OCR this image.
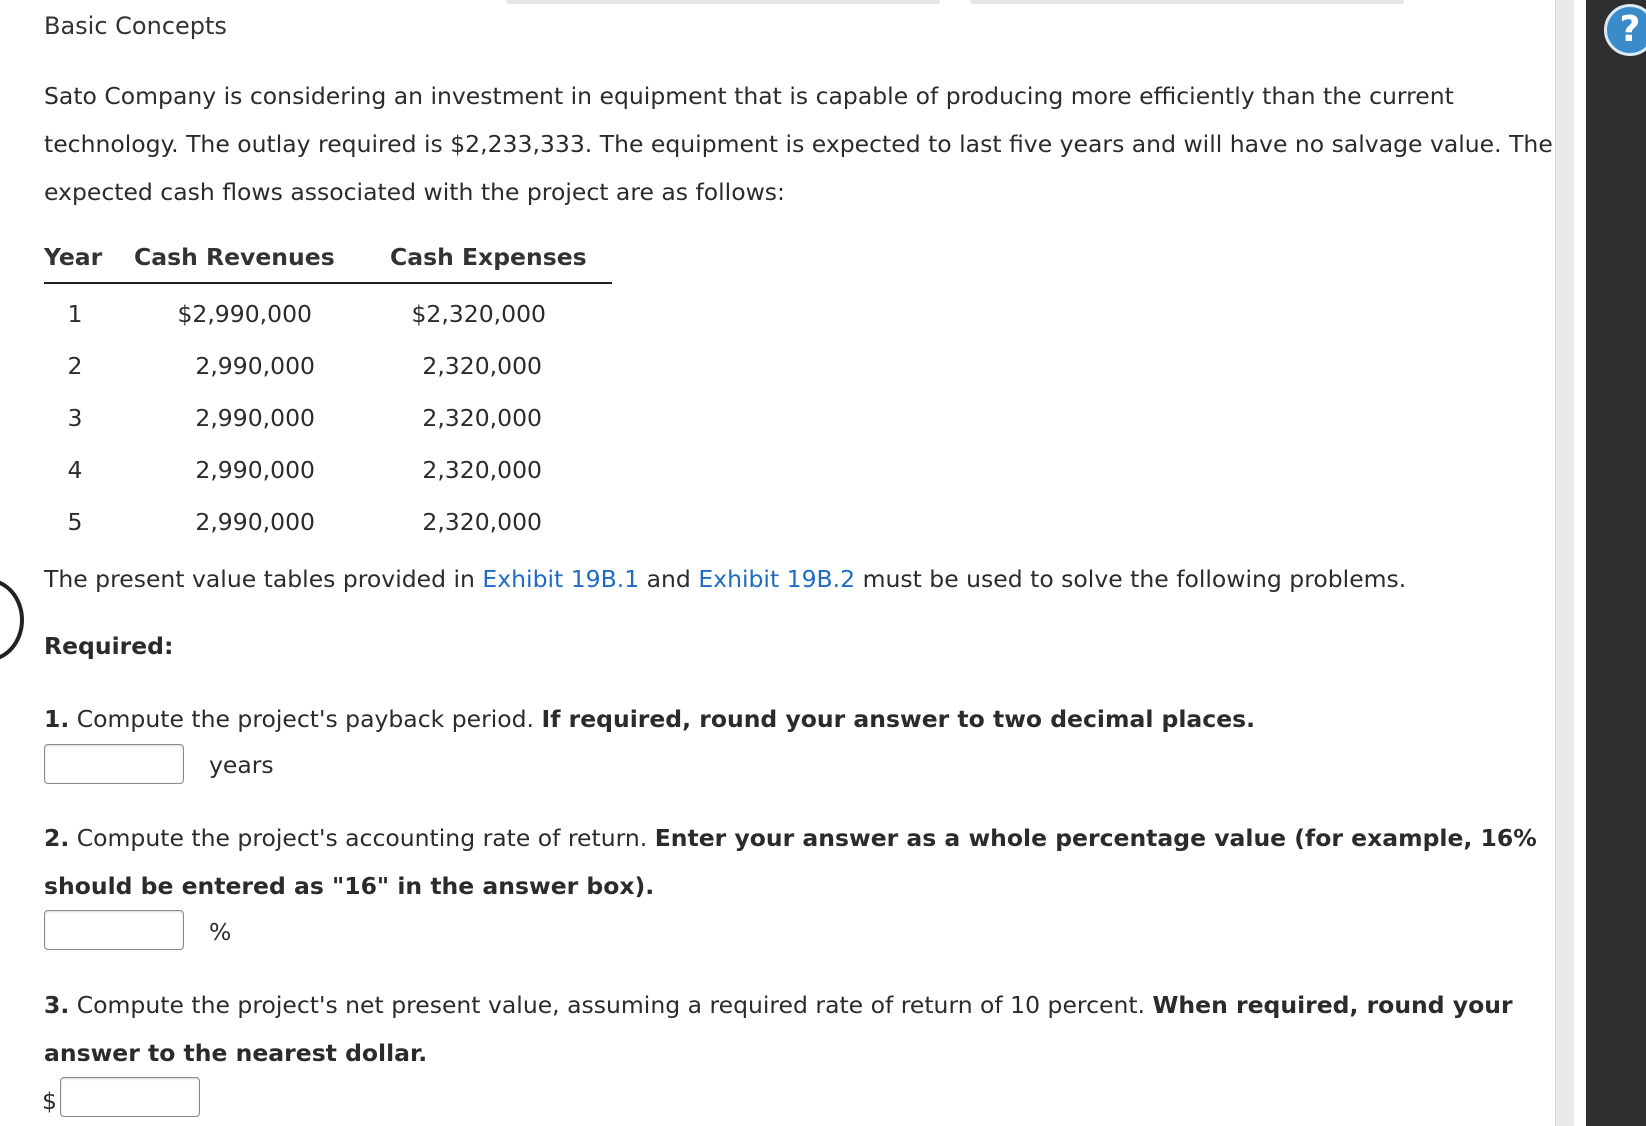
Basic Concepts

Sato Company is considering an investment in equipment that is capable of producing more efficiently than the current technology. The outlay required is $2,233,333. The equipment is expected to last five years and will have no salvage value. The expected cash flows associated with the project are as follows:

Year	Cash Revenues	Cash Expenses
1	$2,990,000	$2,320,000
2	2,990,000	2,320,000
3	2,990,000	2,320,000
4	2,990,000	2,320,000
5	2,990,000	2,320,000

The present value tables provided in Exhibit 19B.1 and Exhibit 19B.2 must be used to solve the following problems.

Required:

1. Compute the project's payback period. If required, round your answer to two decimal places.

years

2. Compute the project's accounting rate of return. Enter your answer as a whole percentage value (for example, 16% should be entered as "16" in the answer box).

%

3. Compute the project's net present value, assuming a required rate of return of 10 percent. When required, round your answer to the nearest dollar.

$
?
